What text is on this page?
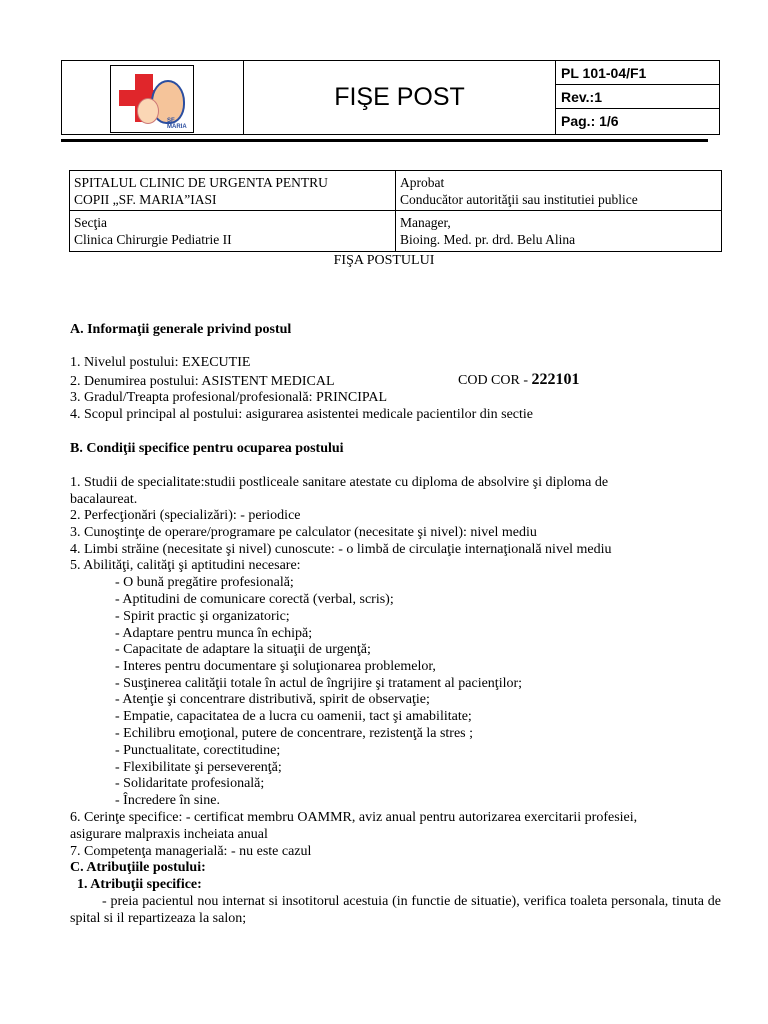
SF. MARIA
FIŞE POST
PL 101-04/F1
Rev.:1
Pag.: 1/6
SPITALUL CLINIC DE URGENTA PENTRU
COPII „SF. MARIA”IASI
Aprobat
Conducător autorităţii sau institutiei publice
Secţia
Clinica Chirurgie Pediatrie II
Manager,
Bioing. Med. pr. drd. Belu Alina
FIŞA POSTULUI
A. Informaţii generale privind postul
1. Nivelul postului: EXECUTIE
2. Denumirea postului: ASISTENT MEDICAL	COD COR - 222101
3. Gradul/Treapta profesional/profesională: PRINCIPAL
4. Scopul principal al postului: asigurarea asistentei medicale pacientilor din sectie
B. Condiţii specifice pentru ocuparea postului
1. Studii de specialitate:studii postliceale sanitare atestate cu diploma de absolvire şi diploma de
bacalaureat.
2. Perfecţionări (specializări): - periodice
3. Cunoştinţe de operare/programare pe calculator (necesitate şi nivel): nivel mediu
4. Limbi străine (necesitate şi nivel) cunoscute: - o limbă de circulaţie internaţională nivel mediu
5. Abilităţi, calităţi şi aptitudini necesare:
- O bună pregătire profesională;
- Aptitudini de comunicare corectă (verbal, scris);
- Spirit practic şi organizatoric;
- Adaptare pentru munca în echipă;
- Capacitate de adaptare la situaţii de urgenţă;
- Interes pentru documentare şi soluţionarea problemelor,
- Susţinerea calităţii totale în actul de îngrijire şi tratament al pacienţilor;
- Atenţie şi concentrare distributivă, spirit de observaţie;
- Empatie, capacitatea de a lucra cu oamenii, tact şi amabilitate;
- Echilibru emoţional, putere de concentrare, rezistenţă la stres ;
- Punctualitate, corectitudine;
- Flexibilitate şi perseverenţă;
- Solidaritate profesională;
- Încredere în sine.
6. Cerinţe specifice: - certificat membru OAMMR, aviz anual pentru autorizarea exercitarii profesiei,
asigurare malpraxis incheiata anual
7. Competenţa managerială: - nu este cazul
C. Atribuţiile postului:
1. Atribuţii specifice:
- preia pacientul nou internat si insotitorul acestuia (in functie de situatie), verifica toaleta personala, tinuta de spital si il repartizeaza la salon;
